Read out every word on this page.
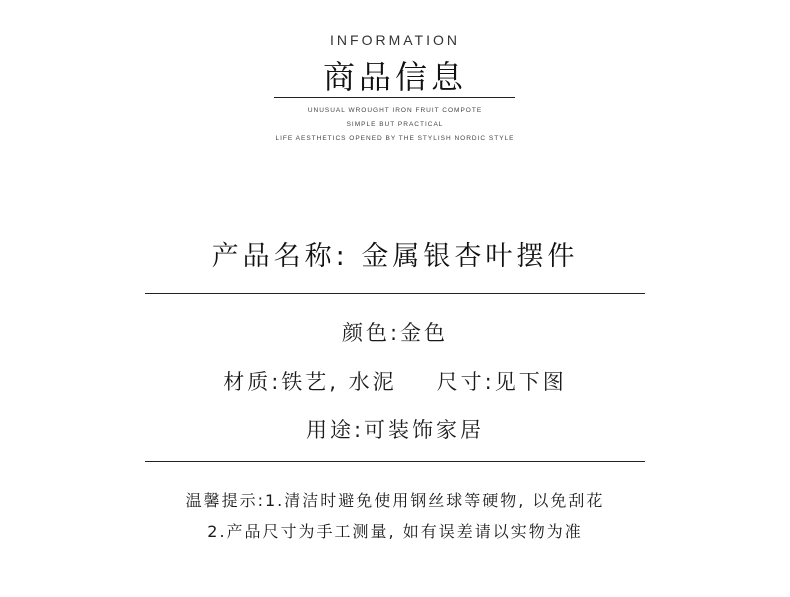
INFORMATION
商品信息
UNUSUAL WROUGHT IRON FRUIT COMPOTE
SIMPLE BUT PRACTICAL
LIFE AESTHETICS OPENED BY THE STYLISH NORDIC STYLE
产品名称: 金属银杏叶摆件
颜色:金色
材质:铁艺, 水泥 尺寸:见下图
用途:可装饰家居
温馨提示:1.清洁时避免使用钢丝球等硬物, 以免刮花
2.产品尺寸为手工测量, 如有误差请以实物为准
